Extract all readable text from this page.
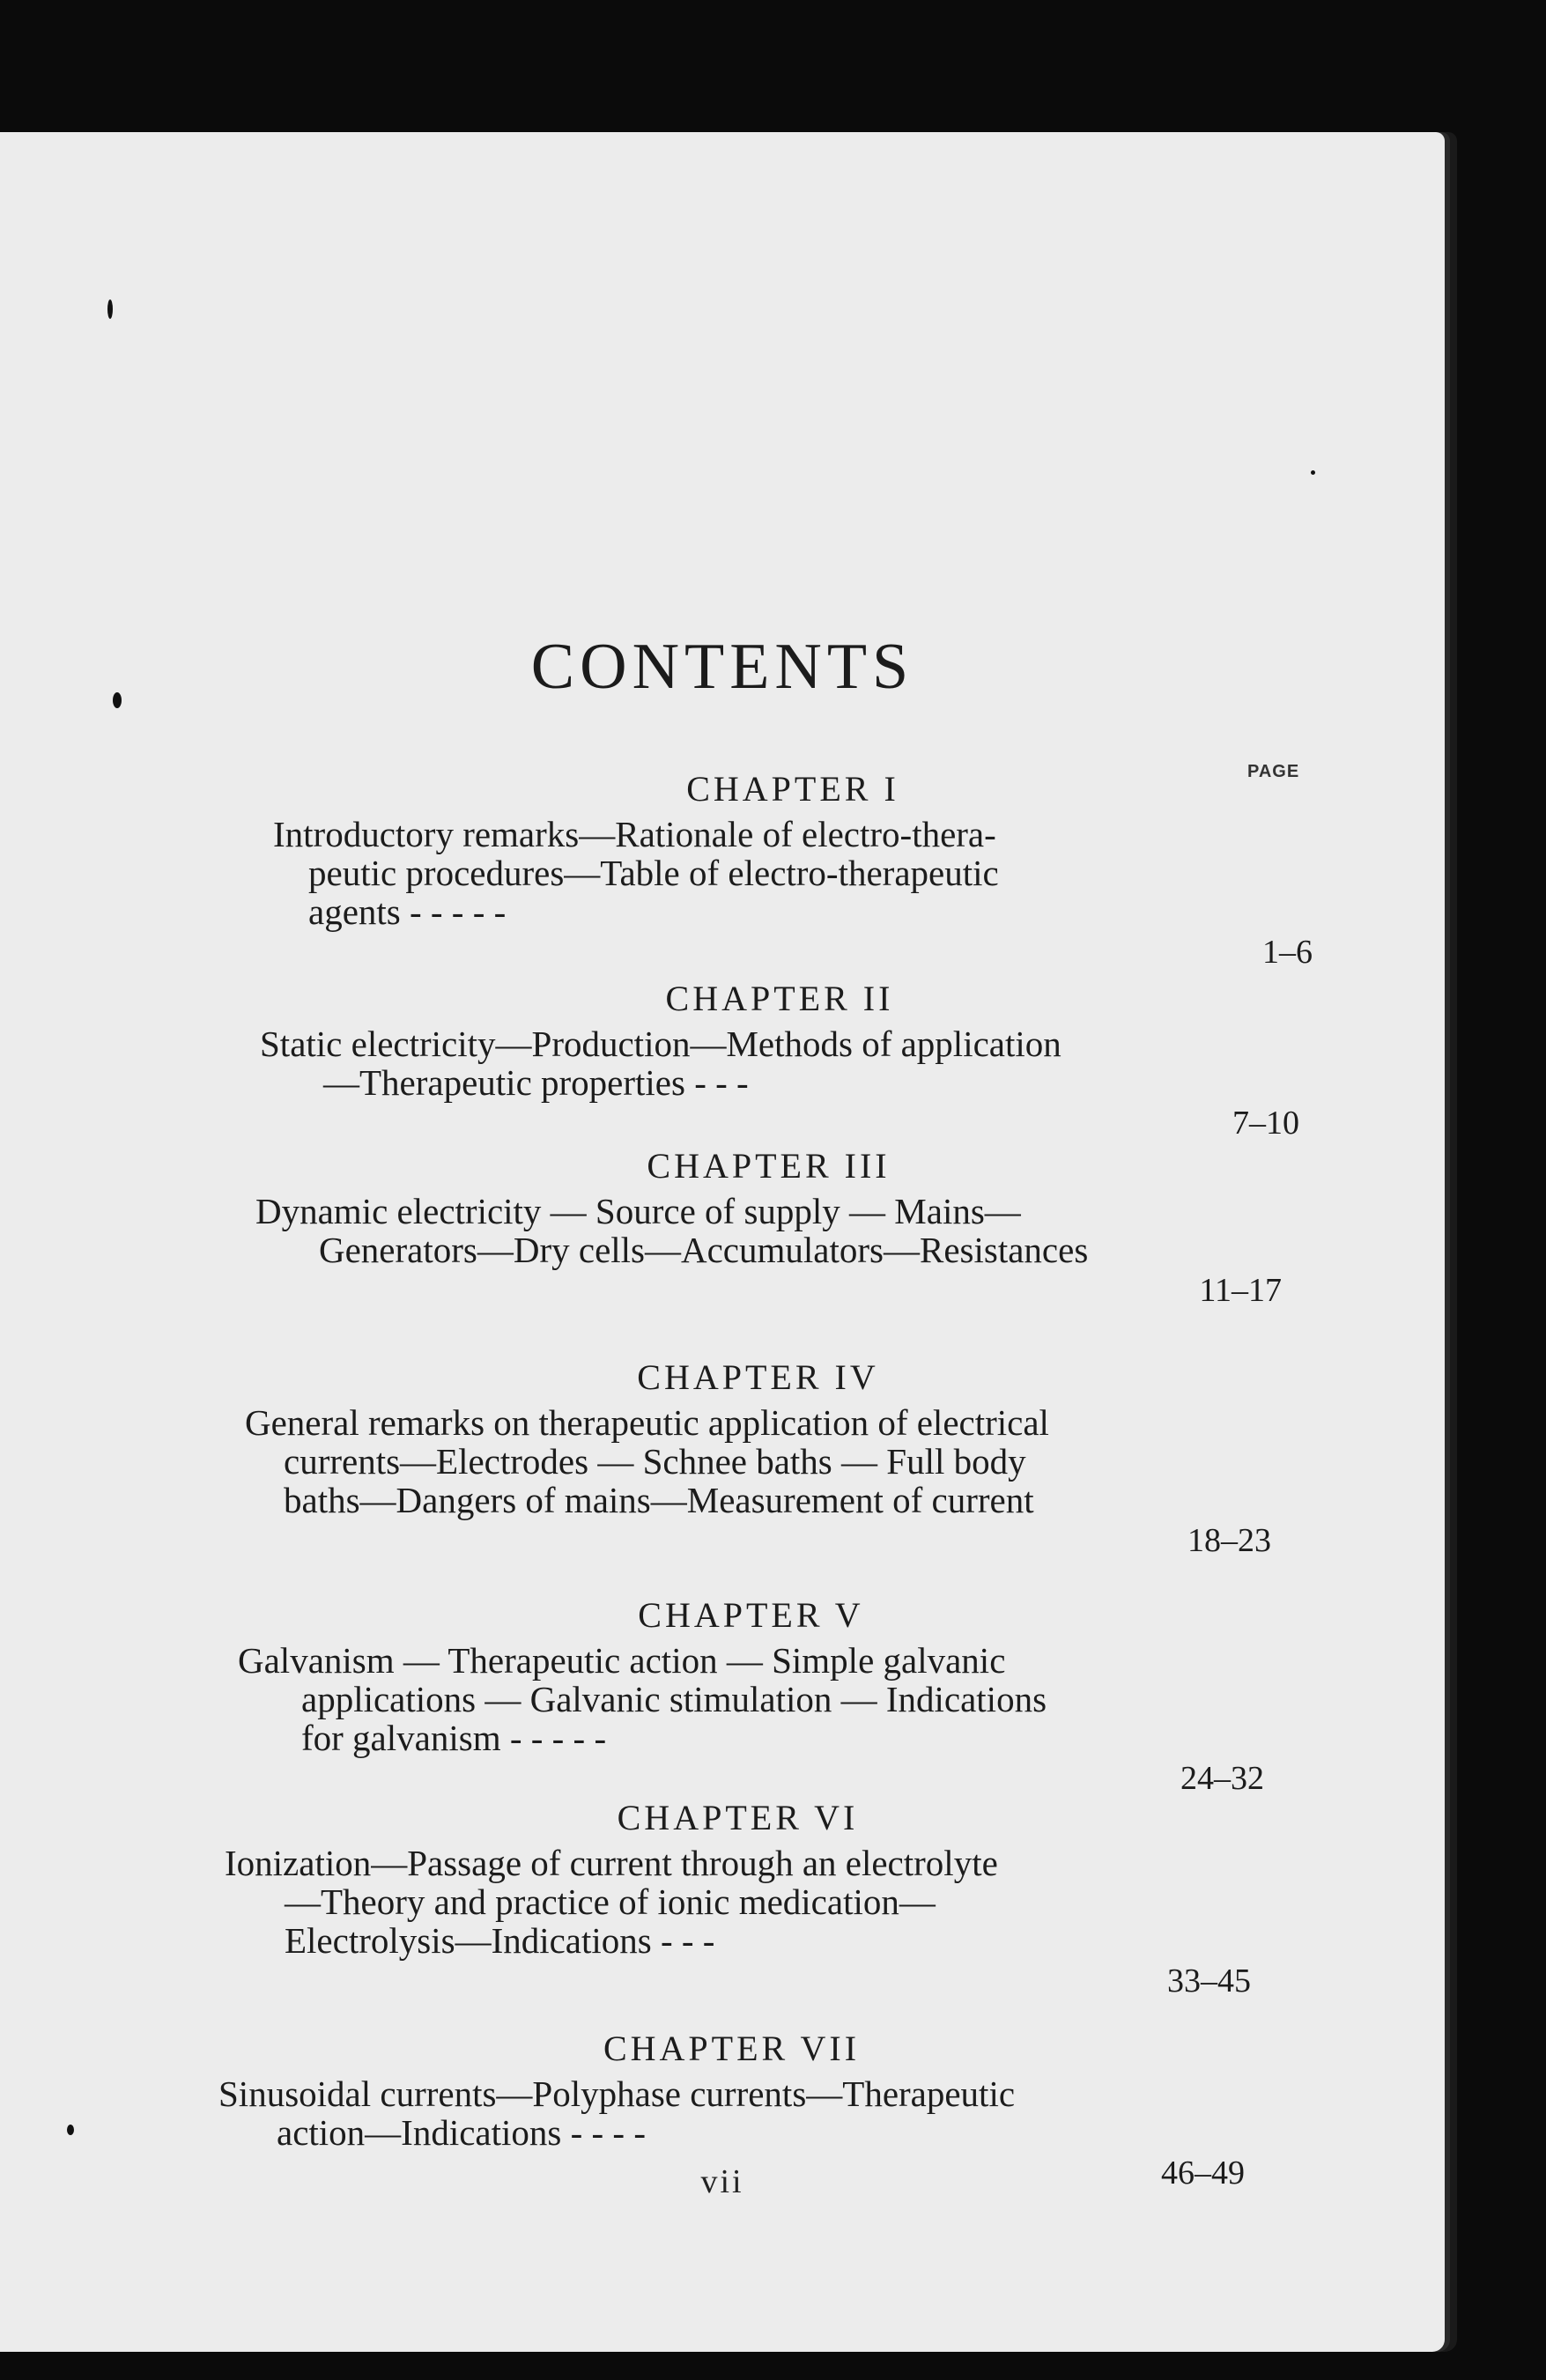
CONTENTS
PAGE
CHAPTER I
Introductory remarks—Rationale of electro-thera-
peutic procedures—Table of electro-therapeutic
agents - - - - -
1–6
CHAPTER II
Static electricity—Production—Methods of application
—Therapeutic properties - - -
7–10
CHAPTER III
Dynamic electricity — Source of supply — Mains—
Generators—Dry cells—Accumulators—Resistances
11–17
CHAPTER IV
General remarks on therapeutic application of electrical
currents—Electrodes — Schnee baths — Full body
baths—Dangers of mains—Measurement of current
18–23
CHAPTER V
Galvanism — Therapeutic action — Simple galvanic
applications — Galvanic stimulation — Indications
for galvanism - - - - -
24–32
CHAPTER VI
Ionization—Passage of current through an electrolyte
—Theory and practice of ionic medication—
Electrolysis—Indications - - -
33–45
CHAPTER VII
Sinusoidal currents—Polyphase currents—Therapeutic
action—Indications - - - -
46–49
vii
